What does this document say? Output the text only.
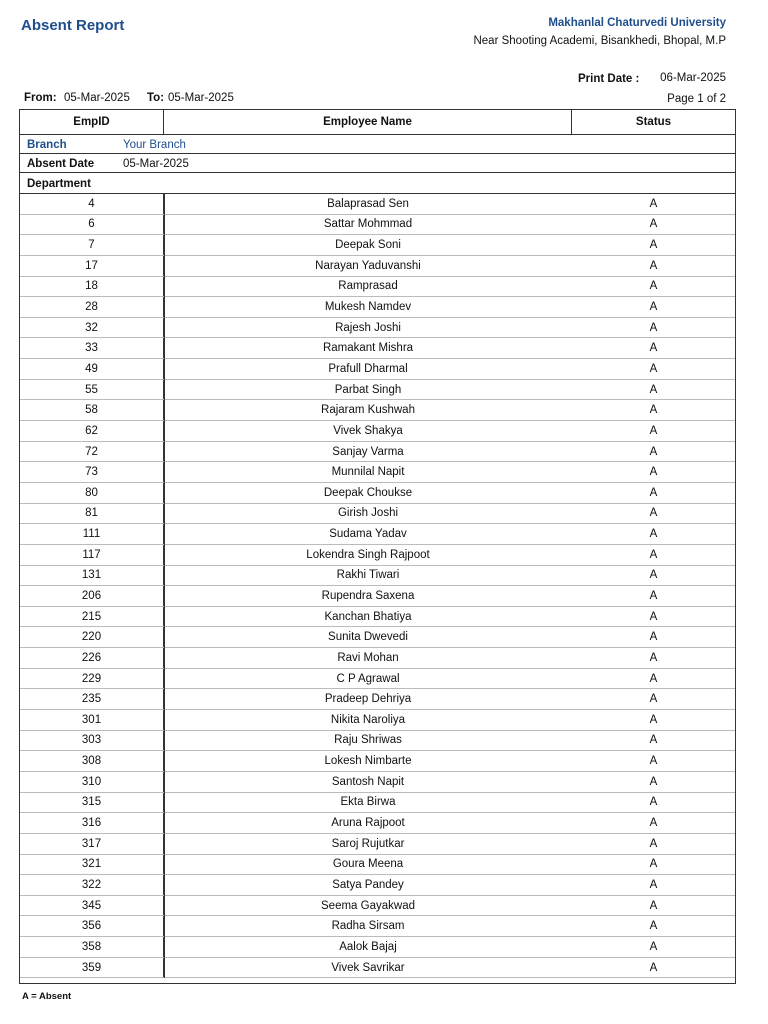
Absent Report	Makhanlal Chaturvedi University
Near Shooting Academi, Bisankhedi, Bhopal, M.P
Print Date : 06-Mar-2025
From: 05-Mar-2025 To: 05-Mar-2025	Page 1 of 2
EmpID	Employee Name	Status
Branch	Your Branch
Absent Date	05-Mar-2025
Department
4	Balaprasad Sen	A
6	Sattar Mohmmad	A
7	Deepak Soni	A
17	Narayan Yaduvanshi	A
18	Ramprasad	A
28	Mukesh Namdev	A
32	Rajesh Joshi	A
33	Ramakant Mishra	A
49	Prafull Dharmal	A
55	Parbat Singh	A
58	Rajaram Kushwah	A
62	Vivek Shakya	A
72	Sanjay Varma	A
73	Munnilal Napit	A
80	Deepak Choukse	A
81	Girish Joshi	A
111	Sudama Yadav	A
117	Lokendra Singh Rajpoot	A
131	Rakhi Tiwari	A
206	Rupendra Saxena	A
215	Kanchan Bhatiya	A
220	Sunita Dwevedi	A
226	Ravi Mohan	A
229	C P Agrawal	A
235	Pradeep Dehriya	A
301	Nikita Naroliya	A
303	Raju Shriwas	A
308	Lokesh Nimbarte	A
310	Santosh Napit	A
315	Ekta Birwa	A
316	Aruna Rajpoot	A
317	Saroj Rujutkar	A
321	Goura Meena	A
322	Satya Pandey	A
345	Seema Gayakwad	A
356	Radha Sirsam	A
358	Aalok Bajaj	A
359	Vivek Savrikar	A
A = Absent
